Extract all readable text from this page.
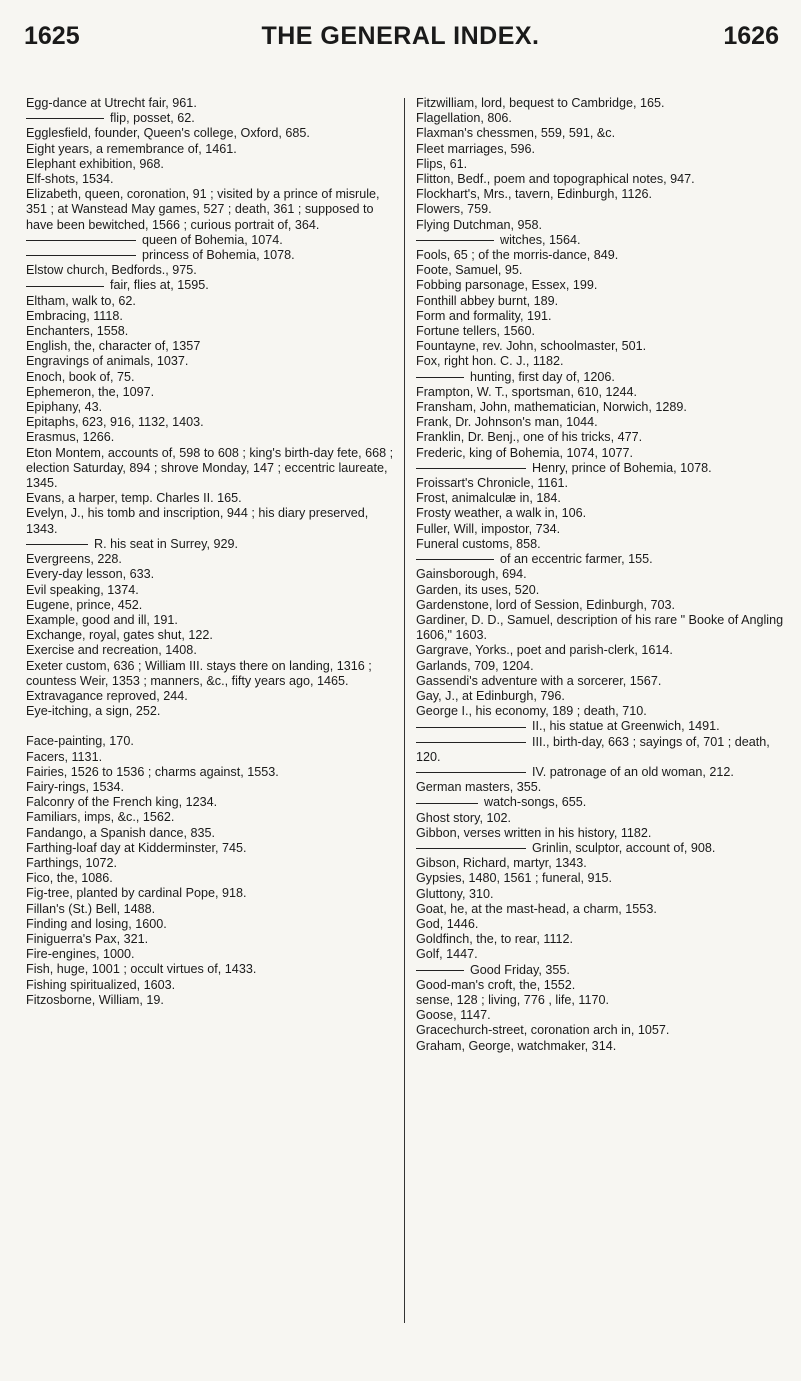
1625	THE GENERAL INDEX.	1626
Egg-dance at Utrecht fair, 961.
flip, posset, 62.
Egglesfield, founder, Queen's college, Oxford, 685.
Eight years, a remembrance of, 1461.
Elephant exhibition, 968.
Elf-shots, 1534.
Elizabeth, queen, coronation, 91 ; visited by a prince of misrule, 351 ; at Wanstead May games, 527 ; death, 361 ; supposed to have been bewitched, 1566 ; curious portrait of, 364.
queen of Bohemia, 1074.
princess of Bohemia, 1078.
Elstow church, Bedfords., 975.
fair, flies at, 1595.
Eltham, walk to, 62.
Embracing, 1118.
Enchanters, 1558.
English, the, character of, 1357
Engravings of animals, 1037.
Enoch, book of, 75.
Ephemeron, the, 1097.
Epiphany, 43.
Epitaphs, 623, 916, 1132, 1403.
Erasmus, 1266.
Eton Montem, accounts of, 598 to 608 ; king's birth-day fete, 668 ; election Saturday, 894 ; shrove Monday, 147 ; eccentric laureate, 1345.
Evans, a harper, temp. Charles II. 165.
Evelyn, J., his tomb and inscription, 944 ; his diary preserved, 1343.
R. his seat in Surrey, 929.
Evergreens, 228.
Every-day lesson, 633.
Evil speaking, 1374.
Eugene, prince, 452.
Example, good and ill, 191.
Exchange, royal, gates shut, 122.
Exercise and recreation, 1408.
Exeter custom, 636 ; William III. stays there on landing, 1316 ; countess Weir, 1353 ; manners, &c., fifty years ago, 1465.
Extravagance reproved, 244.
Eye-itching, a sign, 252.
Face-painting, 170.
Facers, 1131.
Fairies, 1526 to 1536 ; charms against, 1553.
Fairy-rings, 1534.
Falconry of the French king, 1234.
Familiars, imps, &c., 1562.
Fandango, a Spanish dance, 835.
Farthing-loaf day at Kidderminster, 745.
Farthings, 1072.
Fico, the, 1086.
Fig-tree, planted by cardinal Pope, 918.
Fillan's (St.) Bell, 1488.
Finding and losing, 1600.
Finiguerra's Pax, 321.
Fire-engines, 1000.
Fish, huge, 1001 ; occult virtues of, 1433.
Fishing spiritualized, 1603.
Fitzosborne, William, 19.
Fitzwilliam, lord, bequest to Cambridge, 165.
Flagellation, 806.
Flaxman's chessmen, 559, 591, &c.
Fleet marriages, 596.
Flips, 61.
Flitton, Bedf., poem and topographical notes, 947.
Flockhart's, Mrs., tavern, Edinburgh, 1126.
Flowers, 759.
Flying Dutchman, 958.
witches, 1564.
Fools, 65 ; of the morris-dance, 849.
Foote, Samuel, 95.
Fobbing parsonage, Essex, 199.
Fonthill abbey burnt, 189.
Form and formality, 191.
Fortune tellers, 1560.
Fountayne, rev. John, schoolmaster, 501.
Fox, right hon. C. J., 1182.
hunting, first day of, 1206.
Frampton, W. T., sportsman, 610, 1244.
Fransham, John, mathematician, Norwich, 1289.
Frank, Dr. Johnson's man, 1044.
Franklin, Dr. Benj., one of his tricks, 477.
Frederic, king of Bohemia, 1074, 1077.
Henry, prince of Bohemia, 1078.
Froissart's Chronicle, 1161.
Frost, animalculæ in, 184.
Frosty weather, a walk in, 106.
Fuller, Will, impostor, 734.
Funeral customs, 858.
of an eccentric farmer, 155.
Gainsborough, 694.
Garden, its uses, 520.
Gardenstone, lord of Session, Edinburgh, 703.
Gardiner, D. D., Samuel, description of his rare " Booke of Angling 1606," 1603.
Gargrave, Yorks., poet and parish-clerk, 1614.
Garlands, 709, 1204.
Gassendi's adventure with a sorcerer, 1567.
Gay, J., at Edinburgh, 796.
George I., his economy, 189 ; death, 710.
II., his statue at Greenwich, 1491.
III., birth-day, 663 ; sayings of, 701 ; death, 120.
IV. patronage of an old woman, 212.
German masters, 355.
watch-songs, 655.
Ghost story, 102.
Gibbon, verses written in his history, 1182.
Grinlin, sculptor, account of, 908.
Gibson, Richard, martyr, 1343.
Gypsies, 1480, 1561 ; funeral, 915.
Gluttony, 310.
Goat, he, at the mast-head, a charm, 1553.
God, 1446.
Goldfinch, the, to rear, 1112.
Golf, 1447.
Good Friday, 355.
Good-man's croft, the, 1552.
sense, 128 ; living, 776 , life, 1170.
Goose, 1147.
Gracechurch-street, coronation arch in, 1057.
Graham, George, watchmaker, 314.
